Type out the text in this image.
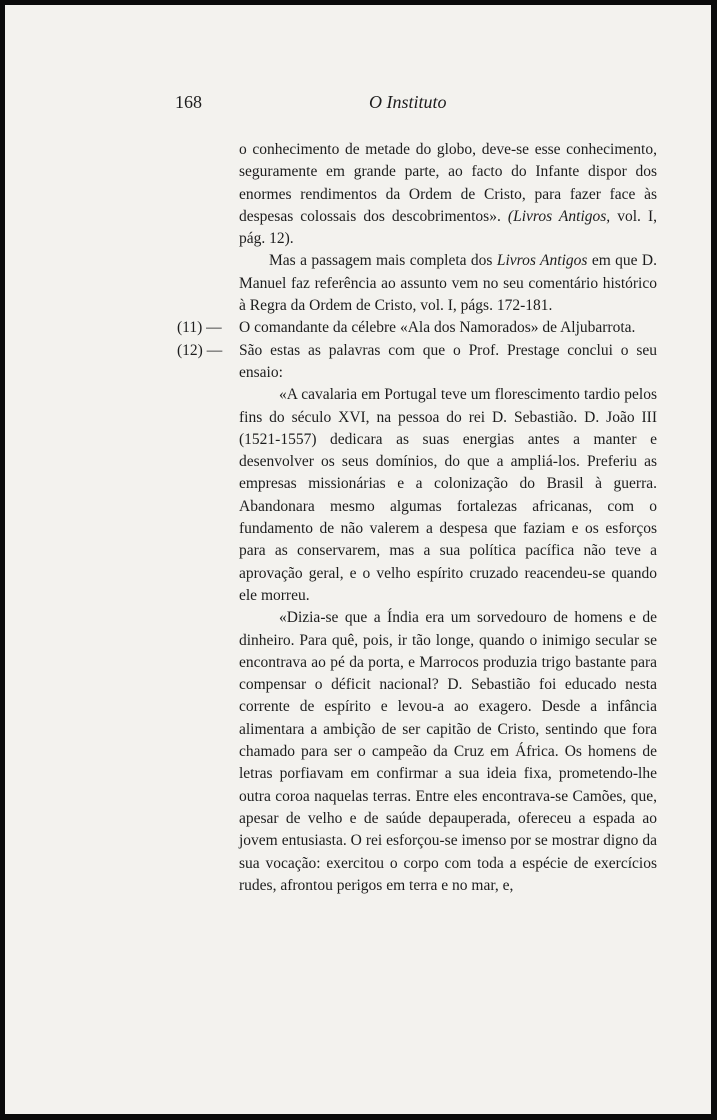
168	O Instituto

o conhecimento de metade do globo, deve-se esse conhecimento, seguramente em grande parte, ao facto do Infante dispor dos enormes rendimentos da Ordem de Cristo, para fazer face às despesas colossais dos descobrimentos». (Livros Antigos, vol. I, pág. 12).

Mas a passagem mais completa dos Livros Antigos em que D. Manuel faz referência ao assunto vem no seu comentário histórico à Regra da Ordem de Cristo, vol. I, págs. 172-181.

(11) —	O comandante da célebre «Ala dos Namorados» de Aljubarrota.

(12) —	São estas as palavras com que o Prof. Prestage conclui o seu ensaio:

«A cavalaria em Portugal teve um florescimento tardio pelos fins do século XVI, na pessoa do rei D. Sebastião. D. João III (1521-1557) dedicara as suas energias antes a manter e desenvolver os seus domínios, do que a ampliá-los. Preferiu as empresas missionárias e a colonização do Brasil à guerra. Abandonara mesmo algumas fortalezas africanas, com o fundamento de não valerem a despesa que faziam e os esforços para as conservarem, mas a sua política pacífica não teve a aprovação geral, e o velho espírito cruzado reacendeu-se quando ele morreu.

«Dizia-se que a Índia era um sorvedouro de homens e de dinheiro. Para quê, pois, ir tão longe, quando o inimigo secular se encontrava ao pé da porta, e Marrocos produzia trigo bastante para compensar o déficit nacional? D. Sebastião foi educado nesta corrente de espírito e levou-a ao exagero. Desde a infância alimentara a ambição de ser capitão de Cristo, sentindo que fora chamado para ser o campeão da Cruz em África. Os homens de letras porfiavam em confirmar a sua ideia fixa, prometendo-lhe outra coroa naquelas terras. Entre eles encontrava-se Camões, que, apesar de velho e de saúde depauperada, ofereceu a espada ao jovem entusiasta. O rei esforçou-se imenso por se mostrar digno da sua vocação: exercitou o corpo com toda a espécie de exercícios rudes, afrontou perigos em terra e no mar, e,
